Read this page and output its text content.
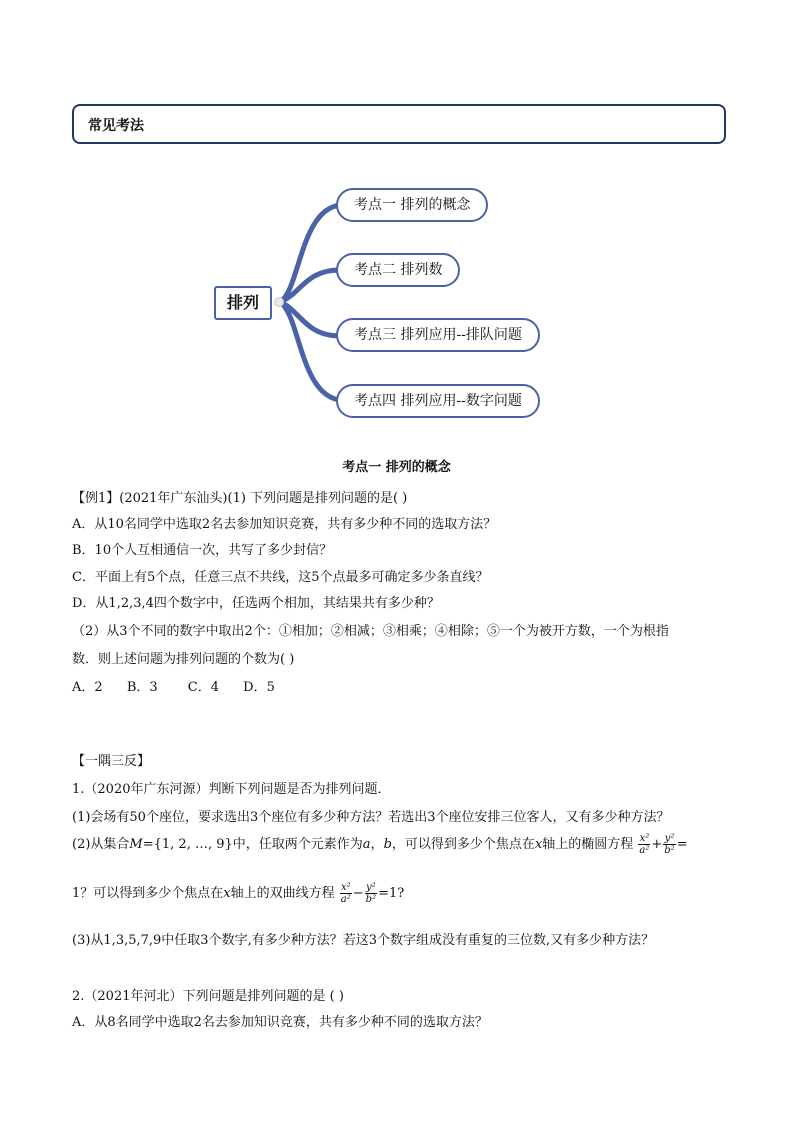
常见考法
排列
考点一 排列的概念
考点二 排列数
考点三 排列应用--排队问题
考点四 排列应用--数字问题
考点一 排列的概念
【例1】(2021年广东汕头)(1) 下列问题是排列问题的是( )
A．从10名同学中选取2名去参加知识竞赛，共有多少种不同的选取方法？
B．10个人互相通信一次，共写了多少封信？
C．平面上有5个点，任意三点不共线，这5个点最多可确定多少条直线？
D．从1,2,3,4四个数字中，任选两个相加，其结果共有多少种？
（2）从3个不同的数字中取出2个：①相加；②相减；③相乘；④相除；⑤一个为被开方数，一个为根指
数．则上述问题为排列问题的个数为( )
A．2 B．3 C．4 D．5
【一隅三反】
1.（2020年广东河源）判断下列问题是否为排列问题．
(1)会场有50个座位，要求选出3个座位有多少种方法？若选出3个座位安排三位客人，又有多少种方法？
(2)从集合M={1, 2, …, 9}中，任取两个元素作为a，b，可以得到多少个焦点在x轴上的椭圆方程 $\frac{\text{x²}}{\text{a²}} + \frac{\text{y²}}{\text{b²}}$ =
1？可以得到多少个焦点在x轴上的双曲线方程 $\frac{\text{x²}}{\text{a²}} - \frac{\text{y²}}{\text{b²}} =1$?
(3)从1,3,5,7,9中任取3个数字,有多少种方法？若这3个数字组成没有重复的三位数,又有多少种方法？
2.（2021年河北）下列问题是排列问题的是 ( )
A．从8名同学中选取2名去参加知识竞赛，共有多少种不同的选取方法？
